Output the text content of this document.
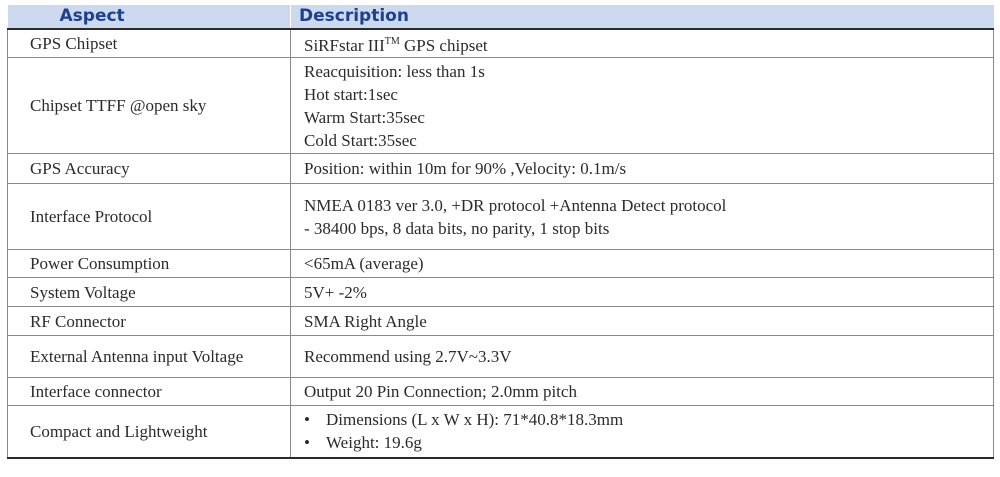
Aspect	Description
GPS Chipset	SiRFstar III™ GPS chipset
Chipset TTFF @open sky	Reacquisition: less than 1s
Hot start:1sec
Warm Start:35sec
Cold Start:35sec

GPS Accuracy	Position: within 10m for 90% ,Velocity: 0.1m/s
Interface Protocol	NMEA 0183 ver 3.0, +DR protocol +Antenna Detect protocol
- 38400 bps, 8 data bits, no parity, 1 stop bits

Power Consumption	<65mA (average)
System Voltage	5V+ -2%
RF Connector	SMA Right Angle
External Antenna input Voltage	Recommend using 2.7V~3.3V
Interface connector	Output 20 Pin Connection; 2.0mm pitch
Compact and Lightweight	• Dimensions (L x W x H): 71*40.8*18.3mm
• Weight: 19.6g
